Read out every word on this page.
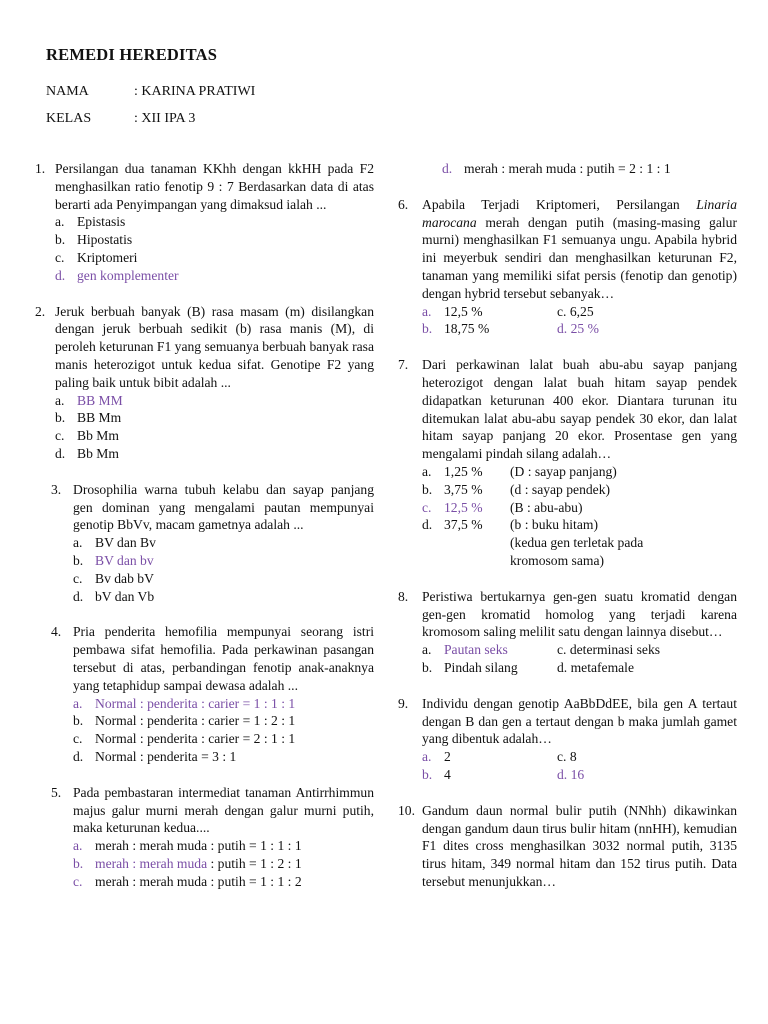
REMEDI HEREDITAS
NAMA	: KARINA PRATIWI
KELAS	: XII IPA 3
1. Persilangan dua tanaman KKhh dengan kkHH pada F2 menghasilkan ratio fenotip 9 : 7 Berdasarkan data di atas berarti ada Penyimpangan yang dimaksud ialah ...
a. Epistasis
b. Hipostatis
c. Kriptomeri
d. gen komplementer
2. Jeruk berbuah banyak (B) rasa masam (m) disilangkan dengan jeruk berbuah sedikit (b) rasa manis (M), di peroleh keturunan F1 yang semuanya berbuah banyak rasa manis heterozigot untuk kedua sifat. Genotipe F2 yang paling baik untuk bibit adalah ...
a. BB MM
b. BB Mm
c. Bb Mm
d. Bb Mm
3. Drosophilia warna tubuh kelabu dan sayap panjang gen dominan yang mengalami pautan mempunyai genotip BbVv, macam gametnya adalah ...
a. BV dan Bv
b. BV dan bv
c. Bv dab bV
d. bV dan Vb
4. Pria penderita hemofilia mempunyai seorang istri pembawa sifat hemofilia. Pada perkawinan pasangan tersebut di atas, perbandingan fenotip anak-anaknya yang tetaphidup sampai dewasa adalah ...
a. Normal : penderita : carier = 1 : 1 : 1
b. Normal : penderita : carier = 1 : 2 : 1
c. Normal : penderita : carier = 2 : 1 : 1
d. Normal : penderita = 3 : 1
5. Pada pembastaran intermediat tanaman Antirrhimmun majus galur murni merah dengan galur murni putih, maka keturunan kedua....
a. merah : merah muda : putih = 1 : 1 : 1
b. merah : merah muda : putih = 1 : 2 : 1
c. merah : merah muda : putih = 1 : 1 : 2
d. merah : merah muda : putih = 2 : 1 : 1
6. Apabila Terjadi Kriptomeri, Persilangan Linaria marocana merah dengan putih (masing-masing galur murni) menghasilkan F1 semuanya ungu. Apabila hybrid ini meyerbuk sendiri dan menghasilkan keturunan F2, tanaman yang memiliki sifat persis (fenotip dan genotip) dengan hybrid tersebut sebanyak…
a. 12,5 %	c. 6,25
b. 18,75 %	d. 25 %
7. Dari perkawinan lalat buah abu-abu sayap panjang heterozigot dengan lalat buah hitam sayap pendek didapatkan keturunan 400 ekor. Diantara turunan itu ditemukan lalat abu-abu sayap pendek 30 ekor, dan lalat hitam sayap panjang 20 ekor. Prosentase gen yang mengalami pindah silang adalah…
a. 1,25 %	(D : sayap panjang)
b. 3,75 %	(d : sayap pendek)
c. 12,5 %	(B : abu-abu)
d. 37,5 %	(b : buku hitam)
(kedua gen terletak pada
kromosom sama)
8. Peristiwa bertukarnya gen-gen suatu kromatid dengan gen-gen kromatid homolog yang terjadi karena kromosom saling melilit satu dengan lainnya disebut…
a. Pautan seks	c. determinasi seks
b. Pindah silang	d. metafemale
9. Individu dengan genotip AaBbDdEE, bila gen A tertaut dengan B dan gen a tertaut dengan b maka jumlah gamet yang dibentuk adalah…
a. 2	c. 8
b. 4	d. 16
10. Gandum daun normal bulir putih (NNhh) dikawinkan dengan gandum daun tirus bulir hitam (nnHH), kemudian F1 dites cross menghasilkan 3032 normal putih, 3135 tirus hitam, 349 normal hitam dan 152 tirus putih. Data tersebut menunjukkan…
